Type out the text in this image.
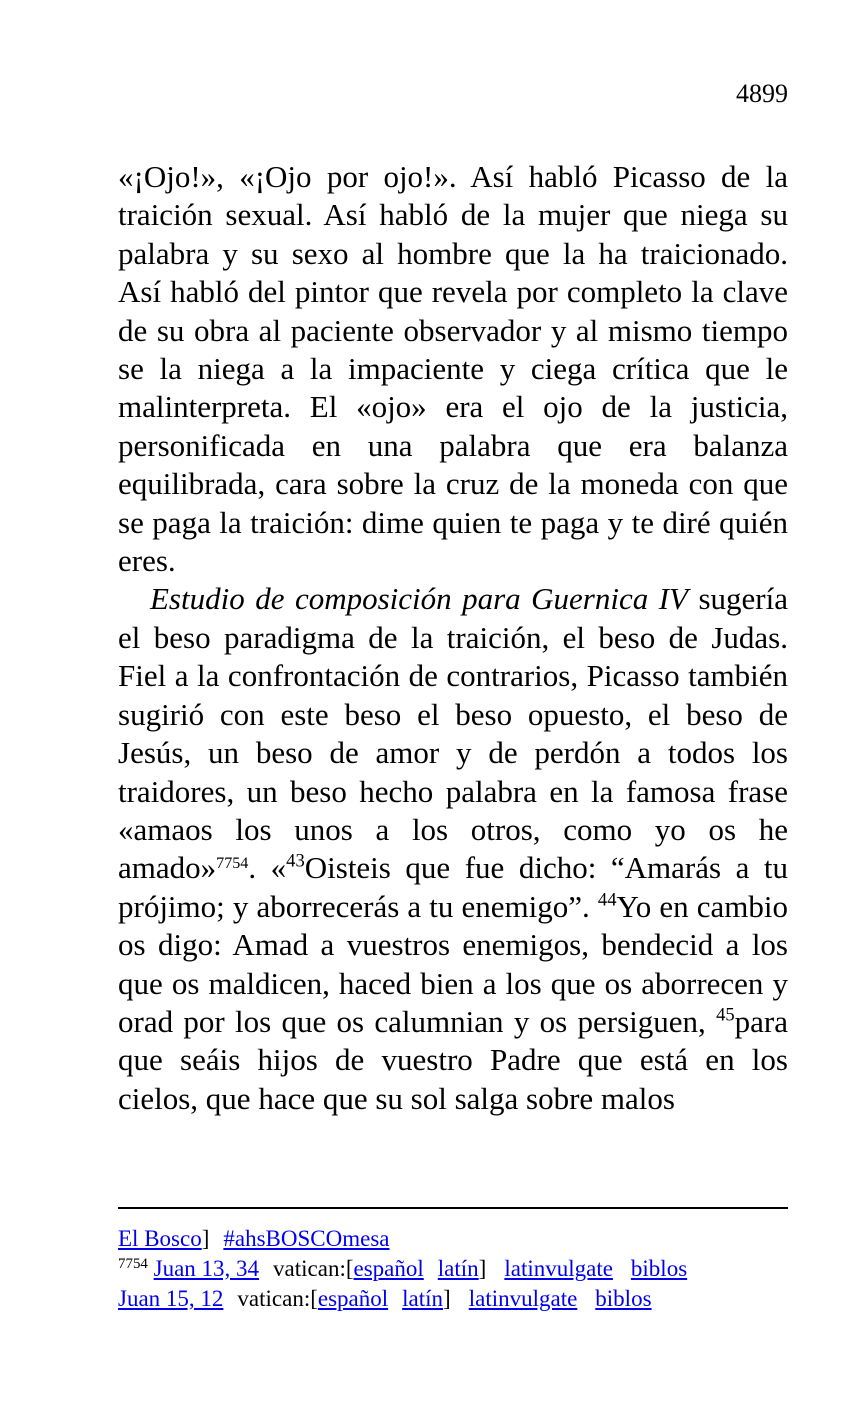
4899

«¡Ojo!», «¡Ojo por ojo!». Así habló Picasso de la traición sexual. Así habló de la mujer que niega su palabra y su sexo al hombre que la ha traicionado. Así habló del pintor que revela por completo la clave de su obra al paciente observador y al mismo tiempo se la niega a la impaciente y ciega crítica que le malinterpreta. El «ojo» era el ojo de la justicia, personificada en una palabra que era balanza equilibrada, cara sobre la cruz de la moneda con que se paga la traición: dime quien te paga y te diré quién eres.

Estudio de composición para Guernica IV sugería el beso paradigma de la traición, el beso de Judas. Fiel a la confrontación de contrarios, Picasso también sugirió con este beso el beso opuesto, el beso de Jesús, un beso de amor y de perdón a todos los traidores, un beso hecho palabra en la famosa frase «amaos los unos a los otros, como yo os he amado»$^{7754}$. «$^{43}$Oisteis que fue dicho: “Amarás a tu prójimo; y aborrecerás a tu enemigo”. $^{44}$Yo en cambio os digo: Amad a vuestros enemigos, bendecid a los que os maldicen, haced bien a los que os aborrecen y orad por los que os calumnian y os persiguen, $^{45}$para que seáis hijos de vuestro Padre que está en los cielos, que hace que su sol salga sobre malos

El Bosco] #ahsBOSCOmesa
$^{7754}$ Juan 13, 34 vatican:[español latín] latinvulgate biblos
Juan 15, 12 vatican:[español latín] latinvulgate biblos
